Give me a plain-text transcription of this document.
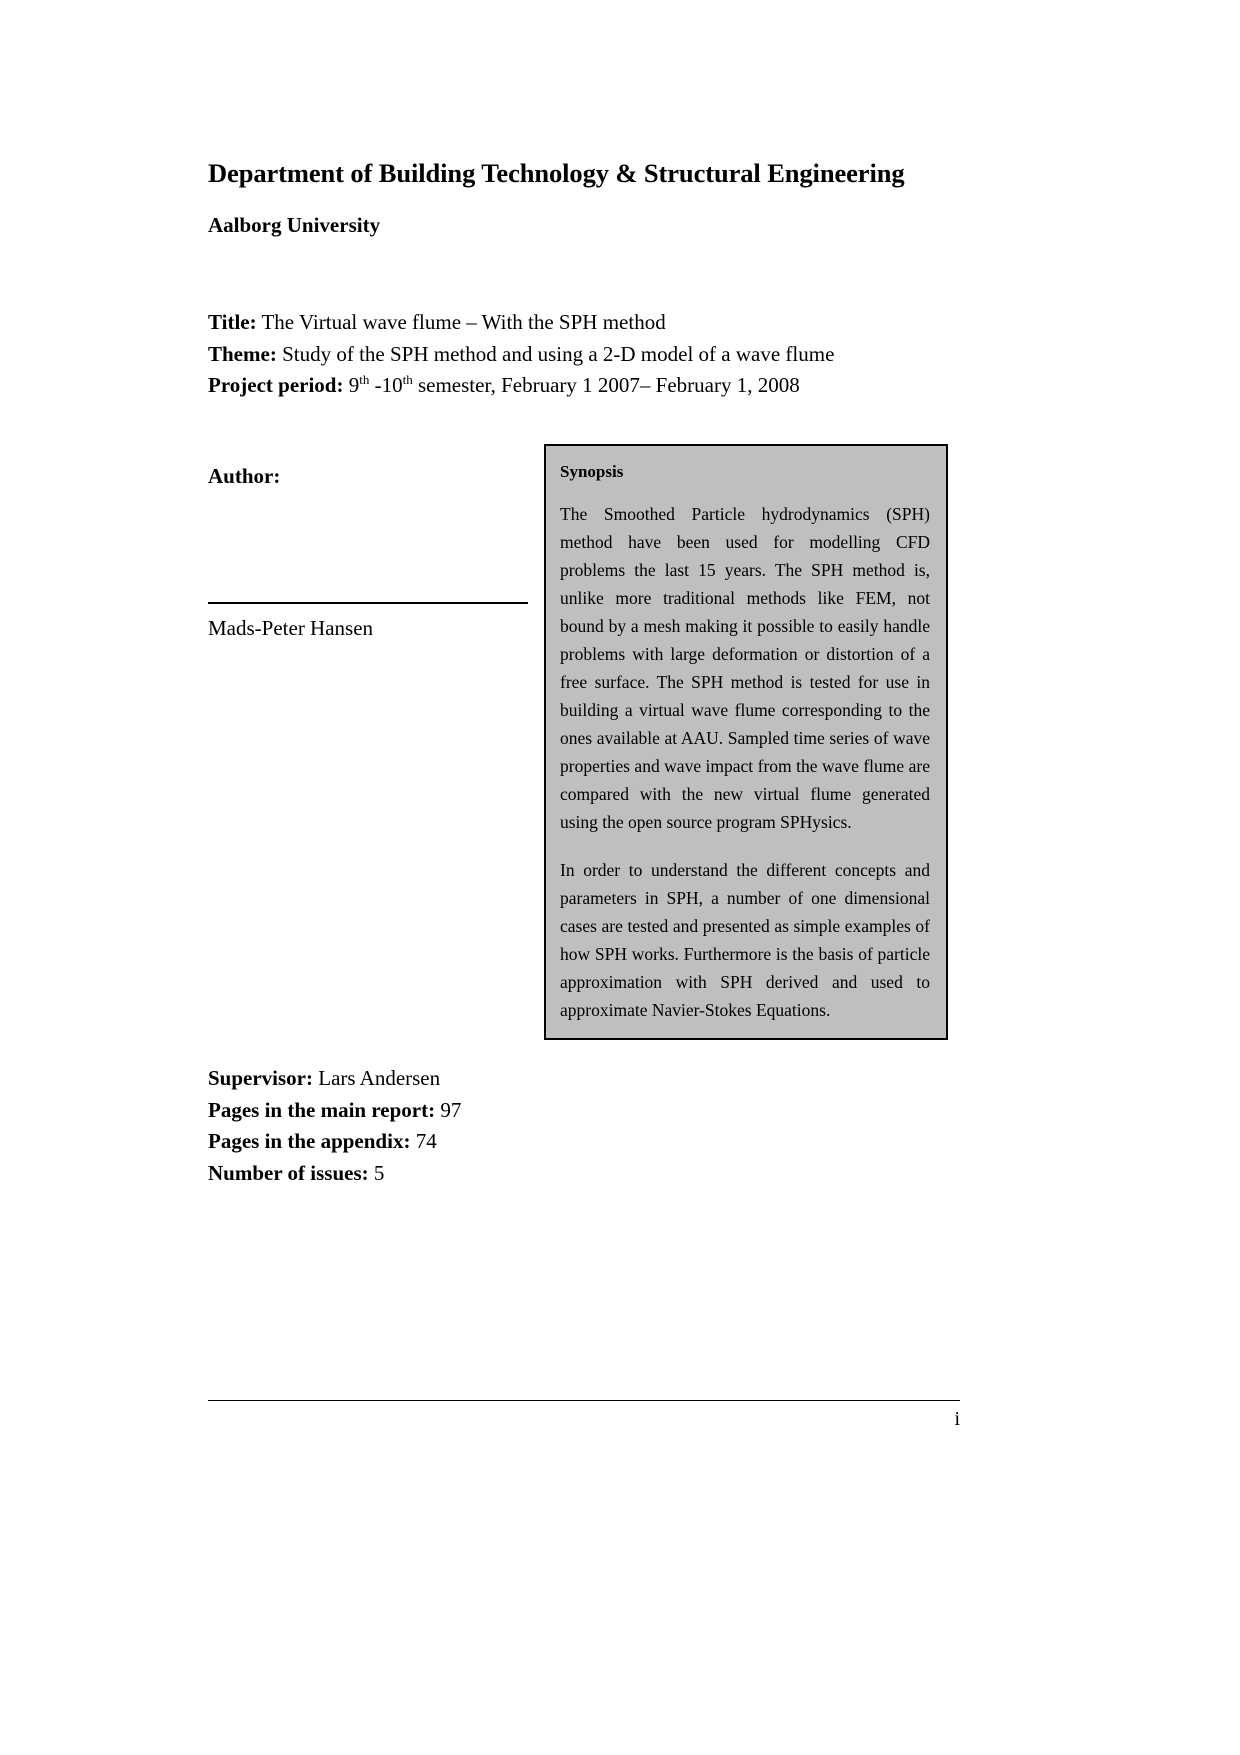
Department of Building Technology & Structural Engineering
Aalborg University
Title: The Virtual wave flume – With the SPH method
Theme: Study of the SPH method and using a 2-D model of a wave flume
Project period: 9th -10th semester, February 1 2007– February 1, 2008
Author:
Mads-Peter Hansen
Synopsis

The Smoothed Particle hydrodynamics (SPH) method have been used for modelling CFD problems the last 15 years. The SPH method is, unlike more traditional methods like FEM, not bound by a mesh making it possible to easily handle problems with large deformation or distortion of a free surface. The SPH method is tested for use in building a virtual wave flume corresponding to the ones available at AAU. Sampled time series of wave properties and wave impact from the wave flume are compared with the new virtual flume generated using the open source program SPHysics.

In order to understand the different concepts and parameters in SPH, a number of one dimensional cases are tested and presented as simple examples of how SPH works. Furthermore is the basis of particle approximation with SPH derived and used to approximate Navier-Stokes Equations.

Supervisor: Lars Andersen
Pages in the main report: 97
Pages in the appendix: 74
Number of issues: 5
i
